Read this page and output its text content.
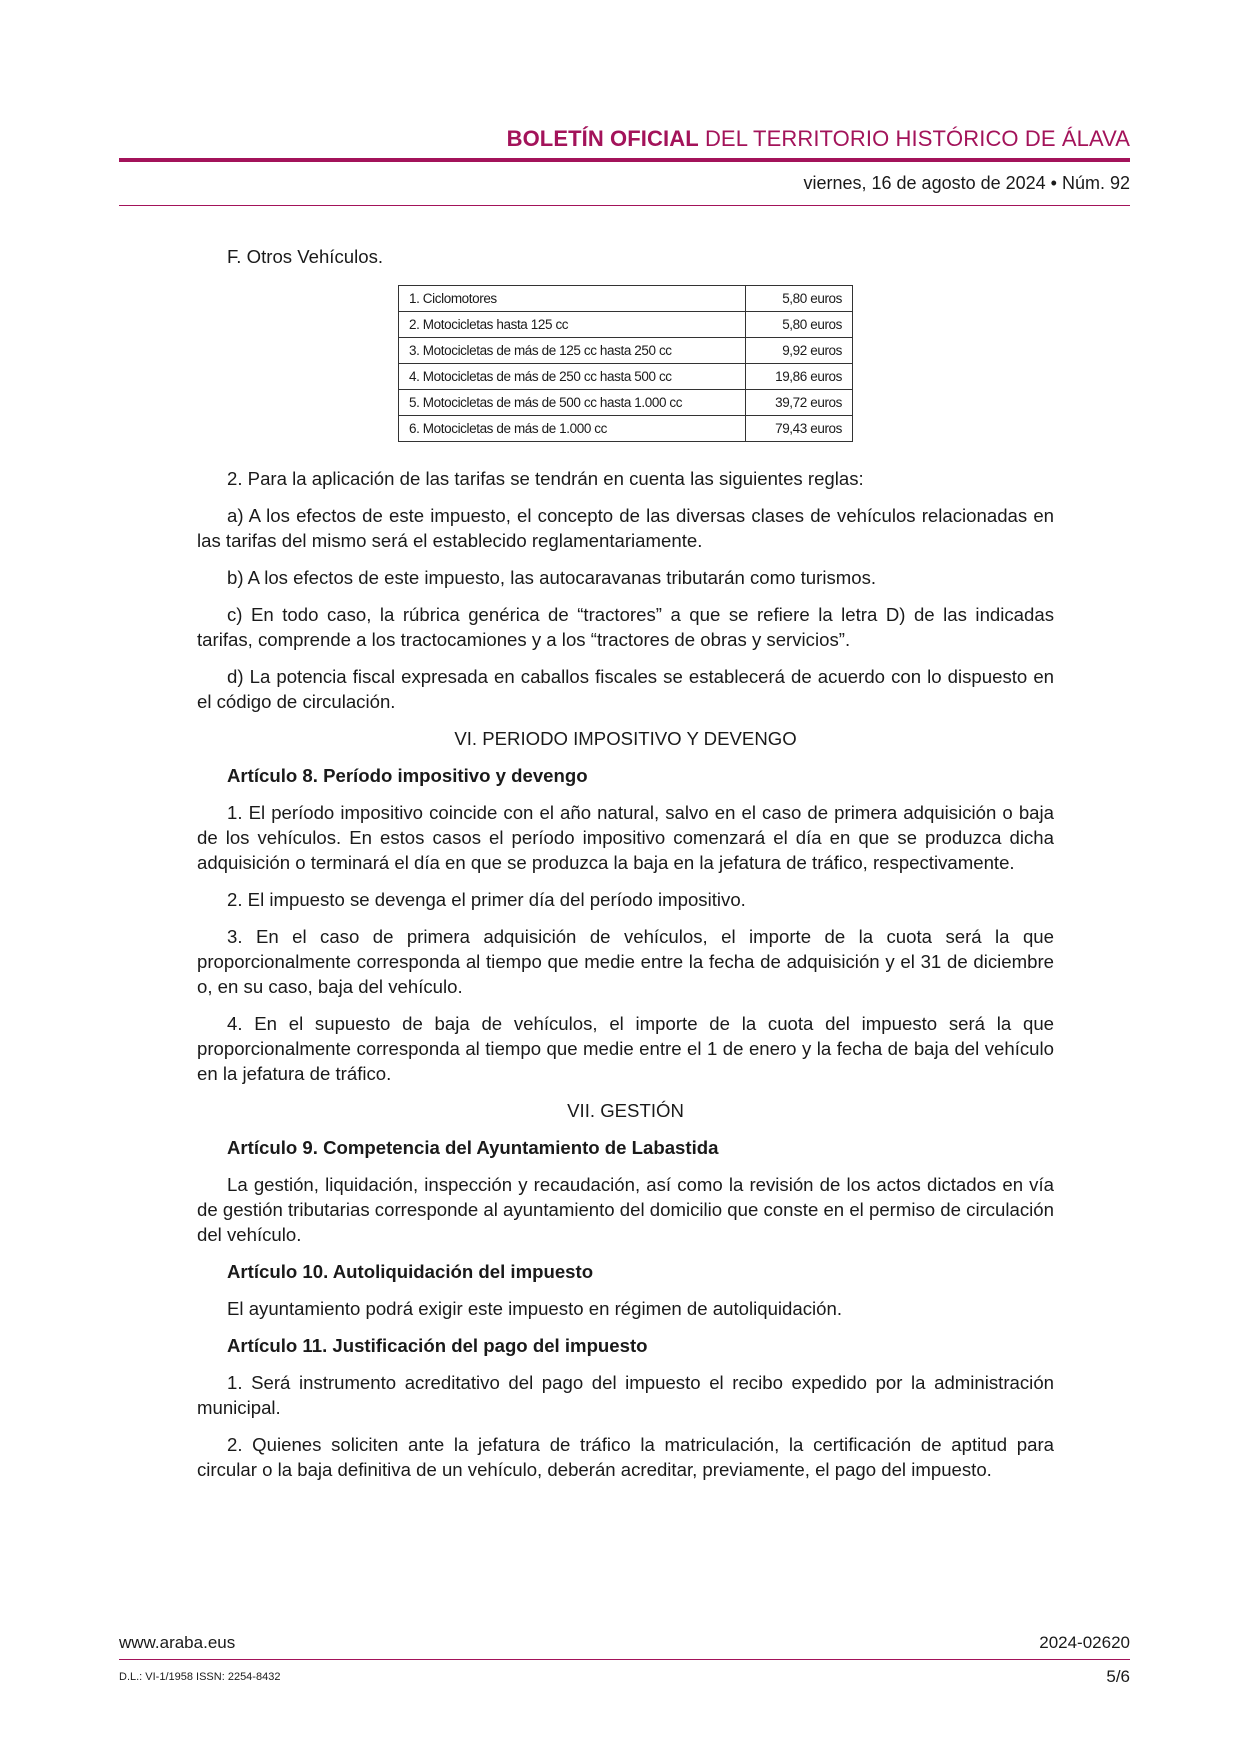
BOLETÍN OFICIAL DEL TERRITORIO HISTÓRICO DE ÁLAVA
viernes, 16 de agosto de 2024 • Núm. 92
F. Otros Vehículos.
1. Ciclomotores	5,80 euros
2. Motocicletas hasta 125 cc	5,80 euros
3. Motocicletas de más de 125 cc hasta 250 cc	9,92 euros
4. Motocicletas de más de 250 cc hasta 500 cc	19,86 euros
5. Motocicletas de más de 500 cc hasta 1.000 cc	39,72 euros
6. Motocicletas de más de 1.000 cc	79,43 euros

2. Para la aplicación de las tarifas se tendrán en cuenta las siguientes reglas:

a) A los efectos de este impuesto, el concepto de las diversas clases de vehículos relacionadas en las tarifas del mismo será el establecido reglamentariamente.

b) A los efectos de este impuesto, las autocaravanas tributarán como turismos.

c) En todo caso, la rúbrica genérica de “tractores” a que se refiere la letra D) de las indicadas tarifas, comprende a los tractocamiones y a los “tractores de obras y servicios”.

d) La potencia fiscal expresada en caballos fiscales se establecerá de acuerdo con lo dispuesto en el código de circulación.

VI. PERIODO IMPOSITIVO Y DEVENGO
Artículo 8. Período impositivo y devengo

1. El período impositivo coincide con el año natural, salvo en el caso de primera adquisición o baja de los vehículos. En estos casos el período impositivo comenzará el día en que se produzca dicha adquisición o terminará el día en que se produzca la baja en la jefatura de tráfico, respectivamente.

2. El impuesto se devenga el primer día del período impositivo.

3. En el caso de primera adquisición de vehículos, el importe de la cuota será la que proporcionalmente corresponda al tiempo que medie entre la fecha de adquisición y el 31 de diciembre o, en su caso, baja del vehículo.

4. En el supuesto de baja de vehículos, el importe de la cuota del impuesto será la que proporcionalmente corresponda al tiempo que medie entre el 1 de enero y la fecha de baja del vehículo en la jefatura de tráfico.

VII. GESTIÓN
Artículo 9. Competencia del Ayuntamiento de Labastida

La gestión, liquidación, inspección y recaudación, así como la revisión de los actos dictados en vía de gestión tributarias corresponde al ayuntamiento del domicilio que conste en el permiso de circulación del vehículo.

Artículo 10. Autoliquidación del impuesto

El ayuntamiento podrá exigir este impuesto en régimen de autoliquidación.

Artículo 11. Justificación del pago del impuesto

1. Será instrumento acreditativo del pago del impuesto el recibo expedido por la administración municipal.

2. Quienes soliciten ante la jefatura de tráfico la matriculación, la certificación de aptitud para circular o la baja definitiva de un vehículo, deberán acreditar, previamente, el pago del impuesto.

www.araba.eus	2024-02620
D.L.: VI-1/1958 ISSN: 2254-8432	5/6
